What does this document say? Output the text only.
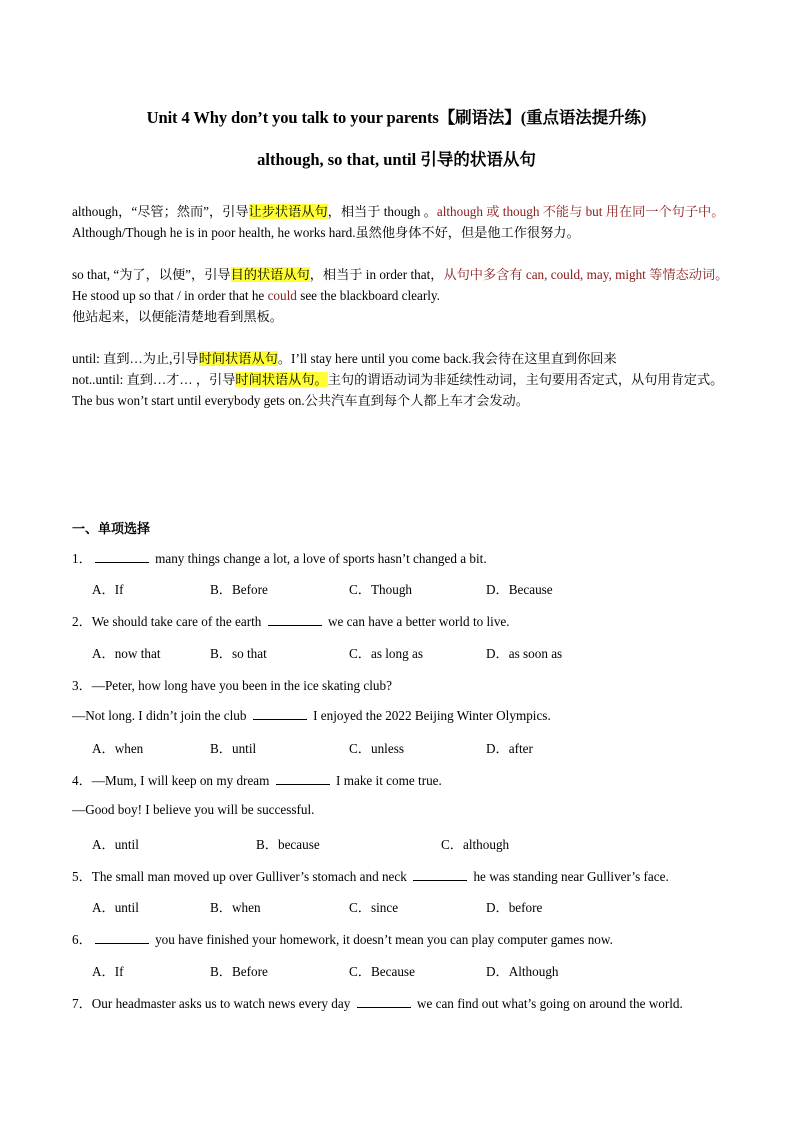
Unit 4 Why don’t you talk to your parents【刷语法】(重点语法提升练)
although, so that, until 引导的状语从句

although，“尽管；然而”，引导让步状语从句，相当于 though 。although 或 though 不能与 but 用在同一个句子中。

Although/Though he is in poor health, he works hard.虽然他身体不好，但是他工作很努力。

so that, “为了，以便”，引导目的状语从句，相当于 in order that，从句中多含有 can, could, may, might 等情态动词。

He stood up so that / in order that he could see the blackboard clearly.

他站起来，以便能清楚地看到黑板。

until: 直到…为止,引导时间状语从句。I’ll stay here until you come back.我会待在这里直到你回来

not..until: 直到…才… ，引导时间状语从句。主句的谓语动词为非延续性动词，主句要用否定式，从句用肯定式。

The bus won’t start until everybody gets on.公共汽车直到每个人都上车才会发动。

一、单项选择
1．	many things change a lot, a love of sports hasn’t changed a bit.
A．If	B．Before	C．Though	D．Because
2．We should take care of the earth	we can have a better world to live.
A．now that	B．so that	C．as long as	D．as soon as
3．—Peter, how long have you been in the ice skating club?
—Not long. I didn’t join the club	I enjoyed the 2022 Beijing Winter Olympics.
A．when	B．until	C．unless	D．after
4．—Mum, I will keep on my dream	I make it come true.
—Good boy! I believe you will be successful.
A．until	B．because	C．although
5．The small man moved up over Gulliver’s stomach and neck	he was standing near Gulliver’s face.
A．until	B．when	C．since	D．before
6．	you have finished your homework, it doesn’t mean you can play computer games now.
A．If	B．Before	C．Because	D．Although
7．Our headmaster asks us to watch news every day	we can find out what’s going on around the world.
